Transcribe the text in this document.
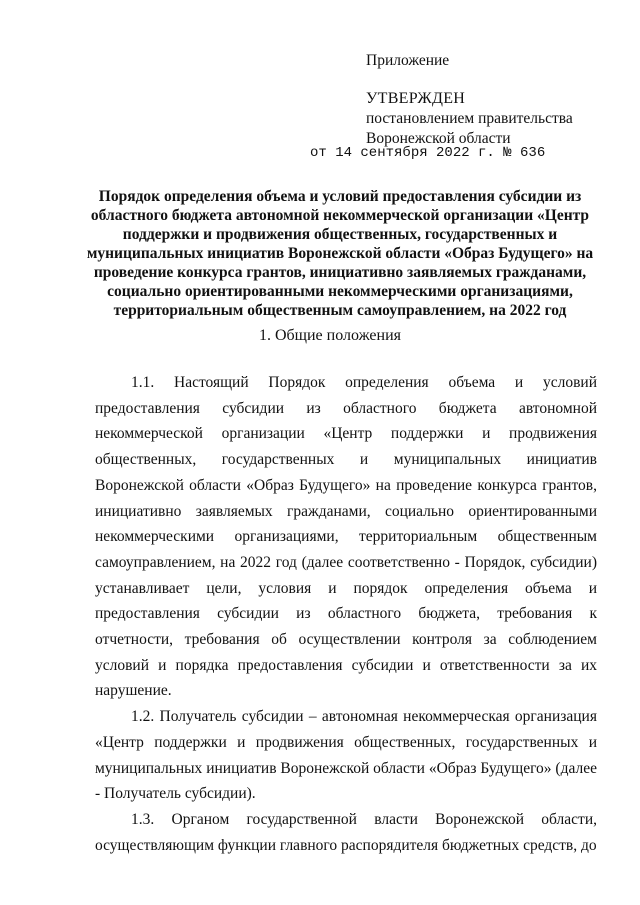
Приложение
УТВЕРЖДЕН
постановлением правительства
Воронежской области
от 14 сентября 2022 г. № 636
Порядок определения объема и условий предоставления субсидии из областного бюджета автономной некоммерческой организации «Центр поддержки и продвижения общественных, государственных и муниципальных инициатив Воронежской области «Образ Будущего» на проведение конкурса грантов, инициативно заявляемых гражданами, социально ориентированными некоммерческими организациями, территориальным общественным самоуправлением, на 2022 год
1. Общие положения

1.1. Настоящий Порядок определения объема и условий предоставления субсидии из областного бюджета автономной некоммерческой организации «Центр поддержки и продвижения общественных, государственных и муниципальных инициатив Воронежской области «Образ Будущего» на проведение конкурса грантов, инициативно заявляемых гражданами, социально ориентированными некоммерческими организациями, территориальным общественным самоуправлением, на 2022 год (далее соответственно - Порядок, субсидии) устанавливает цели, условия и порядок определения объема и предоставления субсидии из областного бюджета, требования к отчетности, требования об осуществлении контроля за соблюдением условий и порядка предоставления субсидии и ответственности за их нарушение.

1.2. Получатель субсидии – автономная некоммерческая организация «Центр поддержки и продвижения общественных, государственных и муниципальных инициатив Воронежской области «Образ Будущего» (далее - Получатель субсидии).

1.3. Органом государственной власти Воронежской области, осуществляющим функции главного распорядителя бюджетных средств, до
